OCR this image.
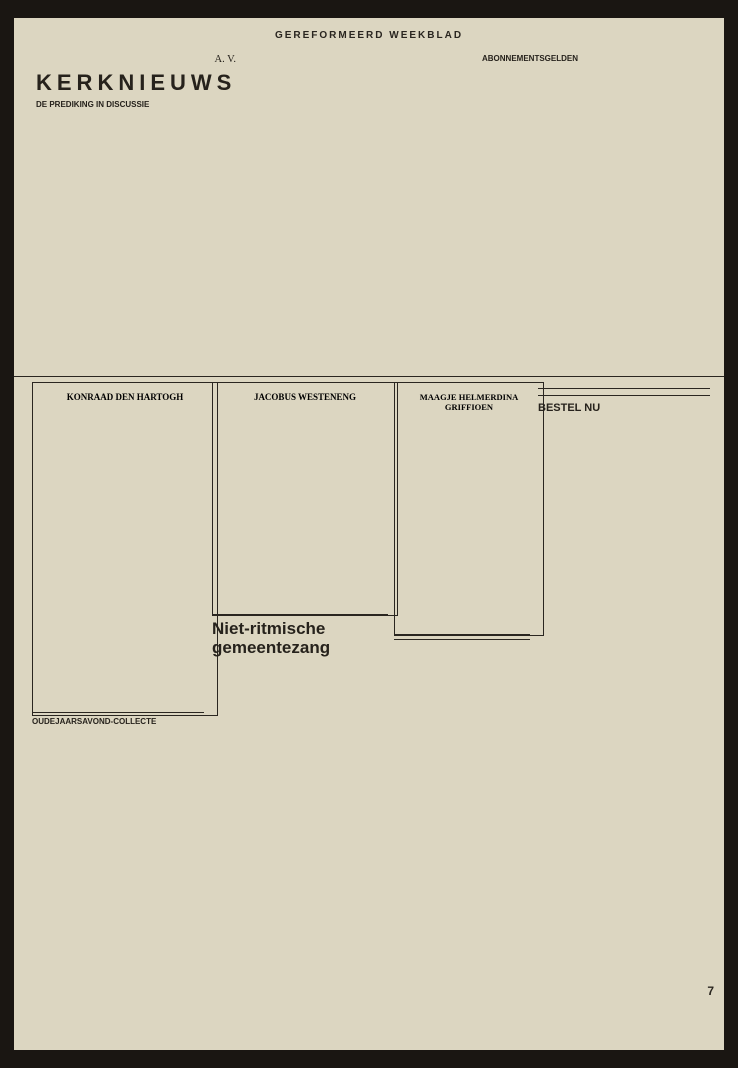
GEREFORMEERD WEEKBLAD

A. V.

KERKNIEUWS

DE PREDIKING IN DISCUSSIE

ABONNEMENTSGELDEN

KONRAAD DEN HARTOGH	JACOBUS WESTENENG	MAAGJE HELMERDINA GRIFFIOEN	BESTEL NU

OUDEJAARSAVOND-COLLECTE

Niet-ritmische gemeentezang

7
